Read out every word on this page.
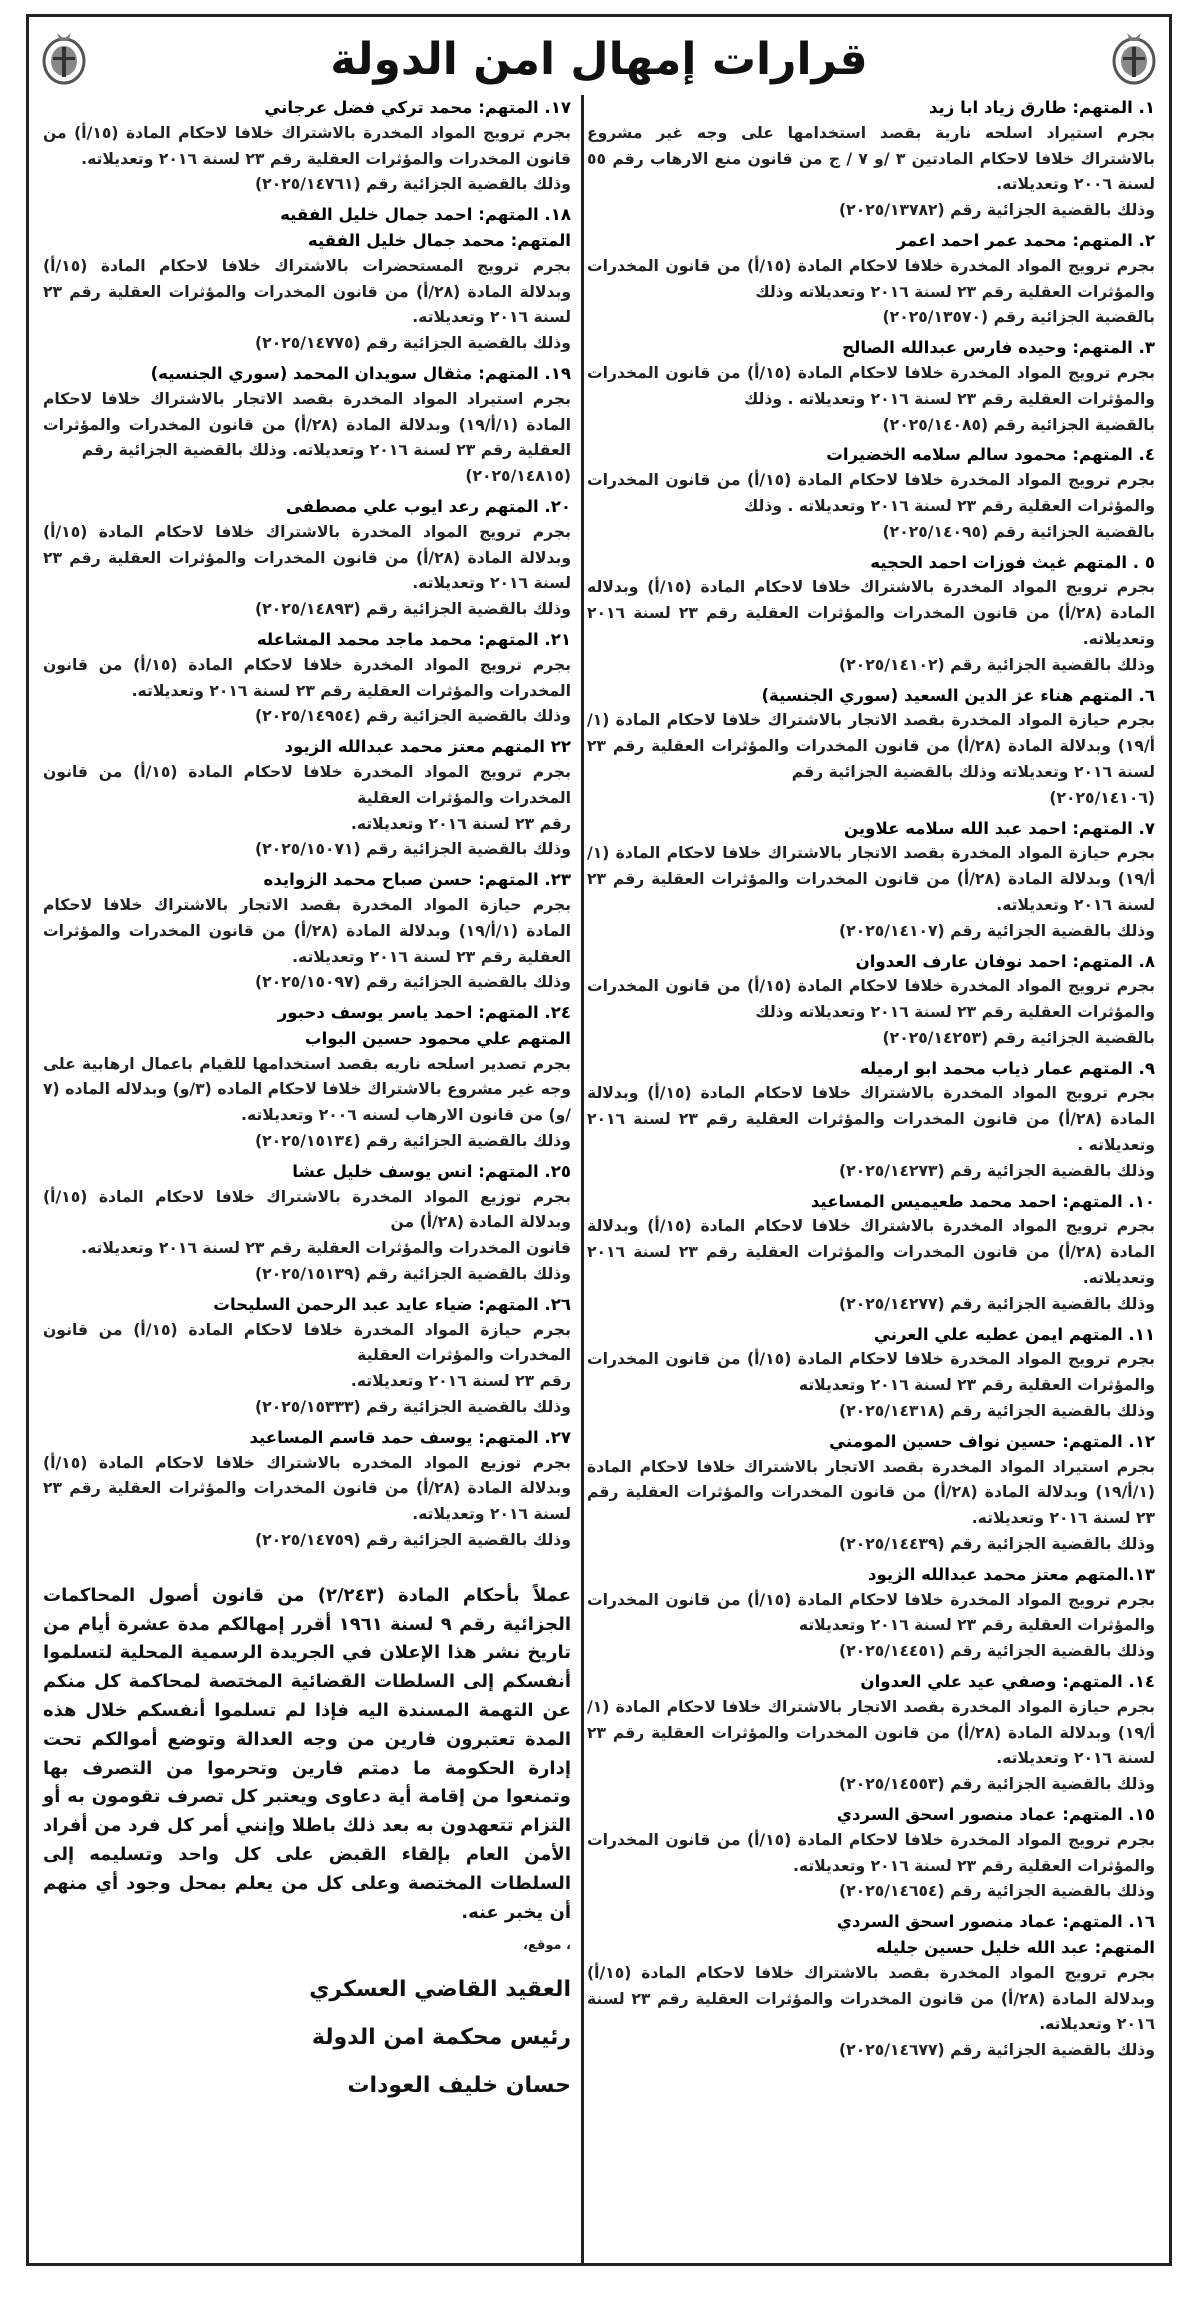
قرارات إمهال امن الدولة
١. المتهم: طارق زياد ابا زيد
بجرم استيراد اسلحه نارية بقصد استخدامها على وجه غير مشروع بالاشتراك خلافا لاحكام المادتين ٣ /و ٧ / ج من قانون منع الارهاب رقم ٥٥ لسنة ٢٠٠٦ وتعديلاته.
وذلك بالقضية الجزائية رقم (٢٠٢٥/١٣٧٨٢)
٢. المتهم: محمد عمر احمد اعمر
بجرم ترويج المواد المخدرة خلافا لاحكام المادة (١٥/أ) من قانون المخدرات والمؤثرات العقلية رقم ٢٣ لسنة ٢٠١٦ وتعديلاته وذلك
بالقضية الجزائية رقم (٢٠٢٥/١٣٥٧٠)
٣. المتهم: وحيده فارس عبدالله الصالح
بجرم ترويج المواد المخدرة خلافا لاحكام المادة (١٥/أ) من قانون المخدرات والمؤثرات العقلية رقم ٢٣ لسنة ٢٠١٦ وتعديلاته . وذلك
بالقضية الجزائية رقم (٢٠٢٥/١٤٠٨٥)
٤. المتهم: محمود سالم سلامه الخضيرات
بجرم ترويج المواد المخدرة خلافا لاحكام المادة (١٥/أ) من قانون المخدرات والمؤثرات العقلية رقم ٢٣ لسنة ٢٠١٦ وتعديلاته . وذلك
بالقضية الجزائية رقم (٢٠٢٥/١٤٠٩٥)
٥ . المتهم غيث فوزات احمد الحجيه
بجرم ترويج المواد المخدرة بالاشتراك خلافا لاحكام المادة (١٥/أ) وبدلاله المادة (٢٨/أ) من قانون المخدرات والمؤثرات العقلية رقم ٢٣ لسنة ٢٠١٦ وتعديلاته.
وذلك بالقضية الجزائية رقم (٢٠٢٥/١٤١٠٢)
٦. المتهم هناء عز الدين السعيد (سوري الجنسية)
بجرم حيازة المواد المخدرة بقصد الاتجار بالاشتراك خلافا لاحكام المادة (١/أ/١٩) وبدلالة المادة (٢٨/أ) من قانون المخدرات والمؤثرات العقلية رقم ٢٣ لسنة ٢٠١٦ وتعديلاته وذلك بالقضية الجزائية رقم
(٢٠٢٥/١٤١٠٦)
٧. المتهم: احمد عبد الله سلامه علاوين
بجرم حيازة المواد المخدرة بقصد الاتجار بالاشتراك خلافا لاحكام المادة (١/أ/١٩) وبدلالة المادة (٢٨/أ) من قانون المخدرات والمؤثرات العقلية رقم ٢٣ لسنة ٢٠١٦ وتعديلاته.
وذلك بالقضية الجزائية رقم (٢٠٢٥/١٤١٠٧)
٨. المتهم: احمد نوفان عارف العدوان
بجرم ترويج المواد المخدرة خلافا لاحكام المادة (١٥/أ) من قانون المخدرات والمؤثرات العقلية رقم ٢٣ لسنة ٢٠١٦ وتعديلاته وذلك
بالقضية الجزائية رقم (٢٠٢٥/١٤٢٥٣)
٩. المتهم عمار ذياب محمد ابو ارميله
بجرم ترويج المواد المخدرة بالاشتراك خلافا لاحكام المادة (١٥/أ) وبدلالة المادة (٢٨/أ) من قانون المخدرات والمؤثرات العقلية رقم ٢٣ لسنة ٢٠١٦ وتعديلاته .
وذلك بالقضية الجزائية رقم (٢٠٢٥/١٤٢٧٣)
١٠. المتهم: احمد محمد طعيميس المساعيد
بجرم ترويج المواد المخدرة بالاشتراك خلافا لاحكام المادة (١٥/أ) وبدلالة المادة (٢٨/أ) من قانون المخدرات والمؤثرات العقلية رقم ٢٣ لسنة ٢٠١٦ وتعديلاته.
وذلك بالقضية الجزائية رقم (٢٠٢٥/١٤٢٧٧)
١١. المتهم ايمن عطيه علي العرني
بجرم ترويج المواد المخدرة خلافا لاحكام المادة (١٥/أ) من قانون المخدرات والمؤثرات العقلية رقم ٢٣ لسنة ٢٠١٦ وتعديلاته
وذلك بالقضية الجزائية رقم (٢٠٢٥/١٤٣١٨)
١٢. المتهم: حسين نواف حسين المومني
بجرم استيراد المواد المخدرة بقصد الاتجار بالاشتراك خلافا لاحكام المادة (١/أ/١٩) وبدلالة المادة (٢٨/أ) من قانون المخدرات والمؤثرات العقلية رقم ٢٣ لسنة ٢٠١٦ وتعديلاته.
وذلك بالقضية الجزائية رقم (٢٠٢٥/١٤٤٣٩)
١٣.المتهم معتز محمد عبدالله الزيود
بجرم ترويج المواد المخدرة خلافا لاحكام المادة (١٥/أ) من قانون المخدرات والمؤثرات العقلية رقم ٢٣ لسنة ٢٠١٦ وتعديلاته
وذلك بالقضية الجزائية رقم (٢٠٢٥/١٤٤٥١)
١٤. المتهم: وصفي عيد علي العدوان
بجرم حيازة المواد المخدرة بقصد الاتجار بالاشتراك خلافا لاحكام المادة (١/أ/١٩) وبدلالة المادة (٢٨/أ) من قانون المخدرات والمؤثرات العقلية رقم ٢٣ لسنة ٢٠١٦ وتعديلاته.
وذلك بالقضية الجزائية رقم (٢٠٢٥/١٤٥٥٣)
١٥. المتهم: عماد منصور اسحق السردي
بجرم ترويج المواد المخدرة خلافا لاحكام المادة (١٥/أ) من قانون المخدرات والمؤثرات العقلية رقم ٢٣ لسنة ٢٠١٦ وتعديلاته.
وذلك بالقضية الجزائية رقم (٢٠٢٥/١٤٦٥٤)
١٦. المتهم: عماد منصور اسحق السردي
المتهم: عبد الله خليل حسين جليله
بجرم ترويج المواد المخدرة بقصد بالاشتراك خلافا لاحكام المادة (١٥/أ) وبدلالة المادة (٢٨/أ) من قانون المخدرات والمؤثرات العقلية رقم ٢٣ لسنة ٢٠١٦ وتعديلاته.
وذلك بالقضية الجزائية رقم (٢٠٢٥/١٤٦٧٧)
١٧. المتهم: محمد تركي فضل عرجاني
بجرم ترويج المواد المخدرة بالاشتراك خلافا لاحكام المادة (١٥/أ) من قانون المخدرات والمؤثرات العقلية رقم ٢٣ لسنة ٢٠١٦ وتعديلاته.
وذلك بالقضية الجزائية رقم (٢٠٢٥/١٤٧٦١)
١٨. المتهم: احمد جمال خليل الفقيه
المتهم: محمد جمال خليل الفقيه
بجرم ترويج المستحضرات بالاشتراك خلافا لاحكام المادة (١٥/أ) وبدلالة المادة (٢٨/أ) من قانون المخدرات والمؤثرات العقلية رقم ٢٣ لسنة ٢٠١٦ وتعديلاته.
وذلك بالقضية الجزائية رقم (٢٠٢٥/١٤٧٧٥)
١٩. المتهم: مثقال سويدان المحمد (سوري الجنسيه)
بجرم استيراد المواد المخدرة بقصد الاتجار بالاشتراك خلافا لاحكام المادة (١/أ/١٩) وبدلالة المادة (٢٨/أ) من قانون المخدرات والمؤثرات العقلية رقم ٢٣ لسنة ٢٠١٦ وتعديلاته. وذلك بالقضية الجزائية رقم
(٢٠٢٥/١٤٨١٥)
٢٠. المتهم رعد ايوب علي مصطفى
بجرم ترويج المواد المخدرة بالاشتراك خلافا لاحكام المادة (١٥/أ) وبدلالة المادة (٢٨/أ) من قانون المخدرات والمؤثرات العقلية رقم ٢٣ لسنة ٢٠١٦ وتعديلاته.
وذلك بالقضية الجزائية رقم (٢٠٢٥/١٤٨٩٣)
٢١. المتهم: محمد ماجد محمد المشاعله
بجرم ترويج المواد المخدرة خلافا لاحكام المادة (١٥/أ) من قانون المخدرات والمؤثرات العقلية رقم ٢٣ لسنة ٢٠١٦ وتعديلاته.
وذلك بالقضية الجزائية رقم (٢٠٢٥/١٤٩٥٤)
٢٢ المتهم معتز محمد عبدالله الزيود
بجرم ترويج المواد المخدرة خلافا لاحكام المادة (١٥/أ) من قانون المخدرات والمؤثرات العقلية
رقم ٢٣ لسنة ٢٠١٦ وتعديلاته.
وذلك بالقضية الجزائية رقم (٢٠٢٥/١٥٠٧١)
٢٣. المتهم: حسن صباح محمد الزوايده
بجرم حيازة المواد المخدرة بقصد الاتجار بالاشتراك خلافا لاحكام المادة (١/أ/١٩) وبدلالة المادة (٢٨/أ) من قانون المخدرات والمؤثرات العقلية رقم ٢٣ لسنة ٢٠١٦ وتعديلاته.
وذلك بالقضية الجزائية رقم (٢٠٢٥/١٥٠٩٧)
٢٤. المتهم: احمد ياسر يوسف دحبور
المتهم علي محمود حسين البواب
بجرم تصدير اسلحه ناريه بقصد استخدامها للقيام باعمال ارهابية على وجه غير مشروع بالاشتراك خلافا لاحكام الماده (٣/و) وبدلاله الماده (٧ /و) من قانون الارهاب لسنه ٢٠٠٦ وتعديلاته.
وذلك بالقضية الجزائية رقم (٢٠٢٥/١٥١٣٤)
٢٥. المتهم: انس يوسف خليل عشا
بجرم توزيع المواد المخدرة بالاشتراك خلافا لاحكام المادة (١٥/أ) وبدلالة المادة (٢٨/أ) من
قانون المخدرات والمؤثرات العقلية رقم ٢٣ لسنة ٢٠١٦ وتعديلاته.
وذلك بالقضية الجزائية رقم (٢٠٢٥/١٥١٣٩)
٢٦. المتهم: ضياء عايد عبد الرحمن السليحات
بجرم حيازة المواد المخدرة خلافا لاحكام المادة (١٥/أ) من قانون المخدرات والمؤثرات العقلية
رقم ٢٣ لسنة ٢٠١٦ وتعديلاته.
وذلك بالقضية الجزائية رقم (٢٠٢٥/١٥٣٣٣)
٢٧. المتهم: يوسف حمد قاسم المساعيد
بجرم توزيع المواد المخدره بالاشتراك خلافا لاحكام المادة (١٥/أ) وبدلالة المادة (٢٨/أ) من قانون المخدرات والمؤثرات العقلية رقم ٢٣ لسنة ٢٠١٦ وتعديلاته.
وذلك بالقضية الجزائية رقم (٢٠٢٥/١٤٧٥٩)
عملاً بأحكام المادة (٢/٢٤٣) من قانون أصول المحاكمات الجزائية رقم ٩ لسنة ١٩٦١ أقرر إمهالكم مدة عشرة أيام من تاريخ نشر هذا الإعلان في الجريدة الرسمية المحلية لتسلموا أنفسكم إلى السلطات القضائية المختصة لمحاكمة كل منكم عن التهمة المسندة اليه فإذا لم تسلموا أنفسكم خلال هذه المدة تعتبرون فارين من وجه العدالة وتوضع أموالكم تحت إدارة الحكومة ما دمتم فارين وتحرموا من التصرف بها وتمنعوا من إقامة أية دعاوى ويعتبر كل تصرف تقومون به أو التزام تتعهدون به بعد ذلك باطلا وإنني أمر كل فرد من أفراد الأمن العام بإلقاء القبض على كل واحد وتسليمه إلى السلطات المختصة وعلى كل من يعلم بمحل وجود أي منهم أن يخبر عنه.
، موقع،
العقيد القاضي العسكري
رئيس محكمة امن الدولة
حسان خليف العودات
